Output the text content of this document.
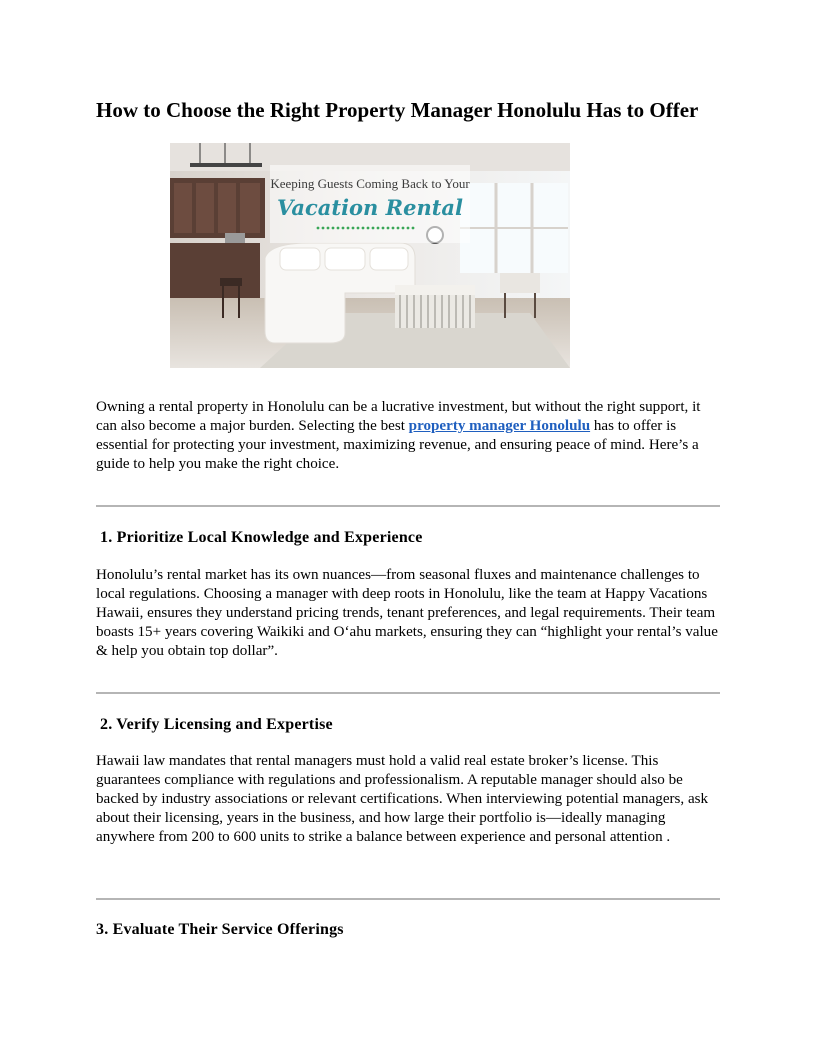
How to Choose the Right Property Manager Honolulu Has to Offer
Keeping Guests Coming Back to Your
Vacation Rental

Owning a rental property in Honolulu can be a lucrative investment, but without the right support, it can also become a major burden. Selecting the best property manager Honolulu has to offer is essential for protecting your investment, maximizing revenue, and ensuring peace of mind. Here’s a guide to help you make the right choice.

1. Prioritize Local Knowledge and Experience

Honolulu’s rental market has its own nuances—from seasonal fluxes and maintenance challenges to local regulations. Choosing a manager with deep roots in Honolulu, like the team at Happy Vacations Hawaii, ensures they understand pricing trends, tenant preferences, and legal requirements. Their team boasts 15+ years covering Waikiki and O‘ahu markets, ensuring they can “highlight your rental’s value & help you obtain top dollar”.

2. Verify Licensing and Expertise

Hawaii law mandates that rental managers must hold a valid real estate broker’s license. This guarantees compliance with regulations and professionalism. A reputable manager should also be backed by industry associations or relevant certifications. When interviewing potential managers, ask about their licensing, years in the business, and how large their portfolio is—ideally managing anywhere from 200 to 600 units to strike a balance between experience and personal attention .

3. Evaluate Their Service Offerings
